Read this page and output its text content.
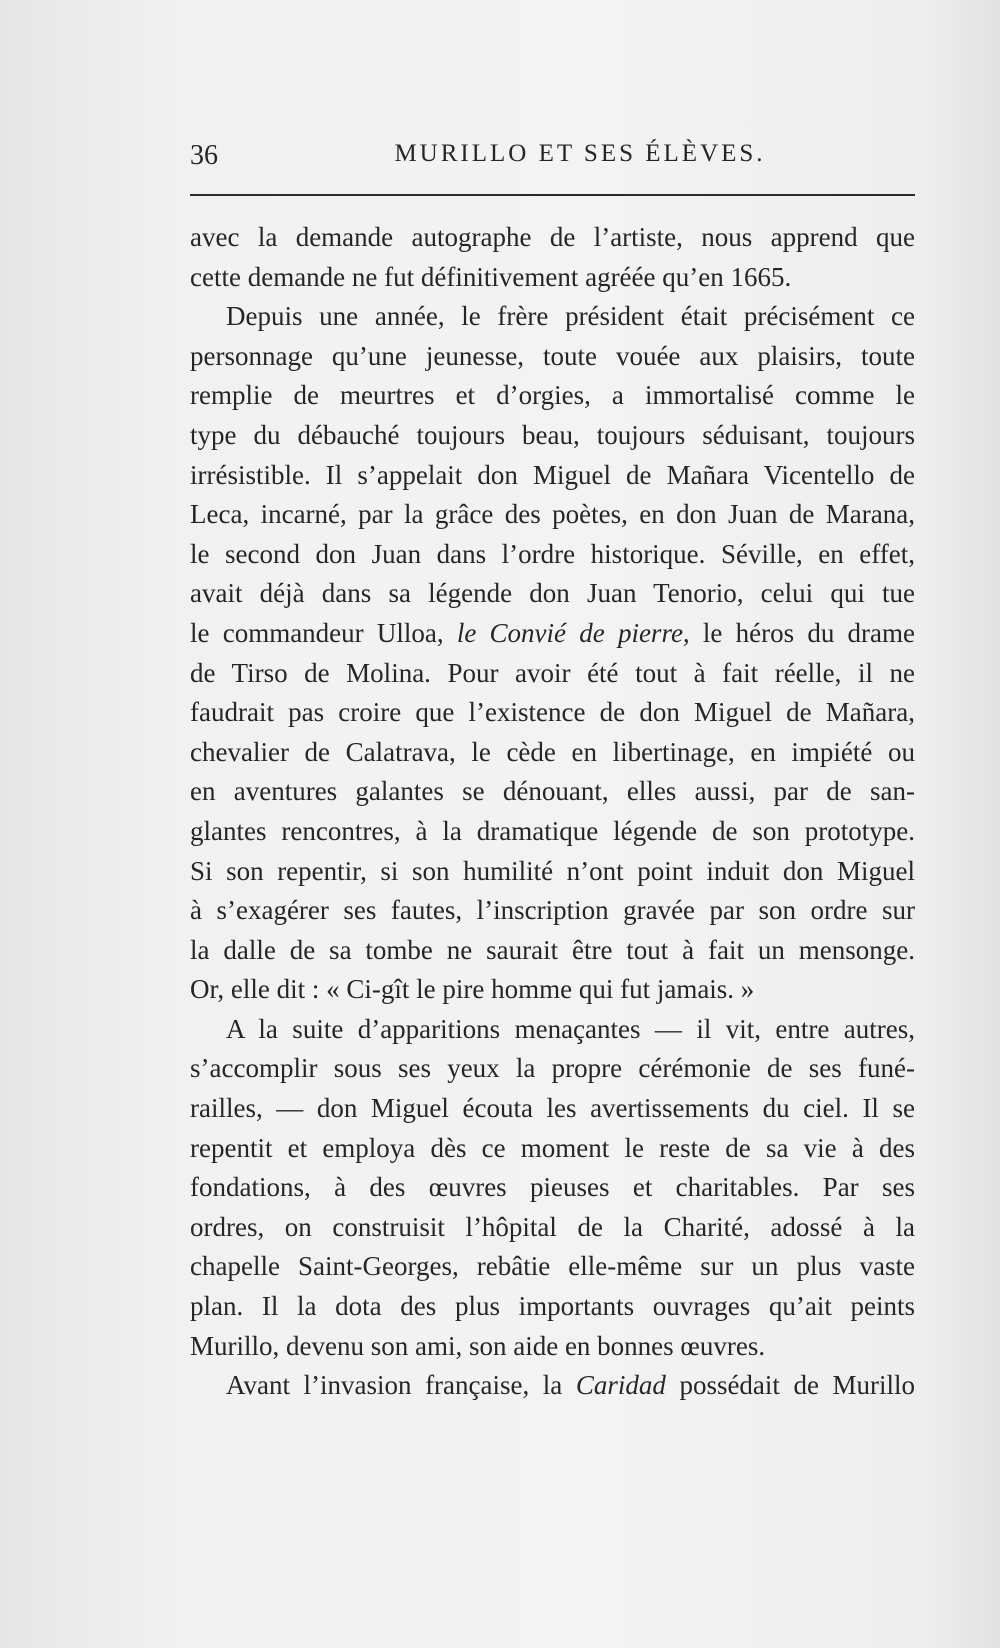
36	MURILLO ET SES ÉLÈVES.
avec la demande autographe de l’artiste, nous apprend que
cette demande ne fut définitivement agréée qu’en 1665.
Depuis une année, le frère président était précisément ce
personnage qu’une jeunesse, toute vouée aux plaisirs, toute
remplie de meurtres et d’orgies, a immortalisé comme le
type du débauché toujours beau, toujours séduisant, toujours
irrésistible. Il s’appelait don Miguel de Mañara Vicentello de
Leca, incarné, par la grâce des poètes, en don Juan de Marana,
le second don Juan dans l’ordre historique. Séville, en effet,
avait déjà dans sa légende don Juan Tenorio, celui qui tue
le commandeur Ulloa, le Convié de pierre, le héros du drame
de Tirso de Molina. Pour avoir été tout à fait réelle, il ne
faudrait pas croire que l’existence de don Miguel de Mañara,
chevalier de Calatrava, le cède en libertinage, en impiété ou
en aventures galantes se dénouant, elles aussi, par de san-
glantes rencontres, à la dramatique légende de son prototype.
Si son repentir, si son humilité n’ont point induit don Miguel
à s’exagérer ses fautes, l’inscription gravée par son ordre sur
la dalle de sa tombe ne saurait être tout à fait un mensonge.
Or, elle dit : « Ci-gît le pire homme qui fut jamais. »
A la suite d’apparitions menaçantes — il vit, entre autres,
s’accomplir sous ses yeux la propre cérémonie de ses funé-
railles, — don Miguel écouta les avertissements du ciel. Il se
repentit et employa dès ce moment le reste de sa vie à des
fondations, à des œuvres pieuses et charitables. Par ses
ordres, on construisit l’hôpital de la Charité, adossé à la
chapelle Saint-Georges, rebâtie elle-même sur un plus vaste
plan. Il la dota des plus importants ouvrages qu’ait peints
Murillo, devenu son ami, son aide en bonnes œuvres.
Avant l’invasion française, la Caridad possédait de Murillo
